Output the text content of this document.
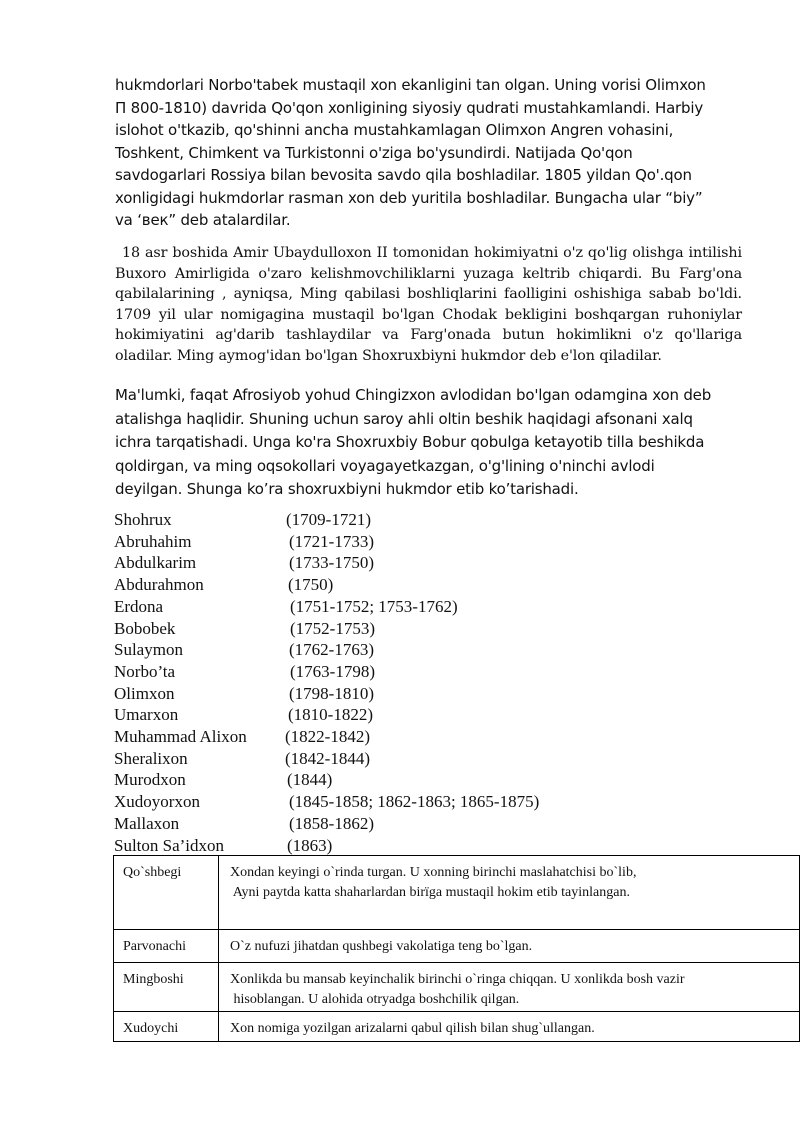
hukmdorlari Norbo'tabek mustaqil xon ekanligini tan olgan. Uning vorisi Olimxon

П 800-1810) davrida Qo'qon xonligining siyosiy qudrati mustahkamlandi. Harbiy

islohot o'tkazib, qo'shinni ancha mustahkamlagan Olimxon Angren vohasini,

Toshkent, Chimkent va Turkistonni o'ziga bo'ysundirdi. Natijada Qo'qon

savdogarlari Rossiya bilan bevosita savdo qila boshladilar. 1805 yildan Qo'.qon

xonligidagi hukmdorlar rasman xon deb yuritila boshladilar. Bungacha ular “biy”

va ‘век” deb atalardilar.

18 asr boshida Amir Ubaydulloxon II tomonidan hokimiyatni o'z qo'lig olishga intilishi Buxoro Amirligida o'zaro kelishmovchiliklarni yuzaga keltrib chiqardi. Bu Farg'ona qabilalarining , ayniqsa, Ming qabilasi boshliqlarini faolligini oshishiga sabab bo'ldi. 1709 yil ular nomigagina mustaqil bo'lgan Chodak bekligini boshqargan ruhoniylar hokimiyatini ag'darib tashlaydilar va Farg'onada butun hokimlikni o'z qo'llariga oladilar. Ming aymog'idan bo'lgan Shoxruxbiyni hukmdor deb e'lon qiladilar.

Ma'lumki, faqat Afrosiyob yohud Chingizxon avlodidan bo'lgan odamgina xon deb

atalishga haqlidir. Shuning uchun saroy ahli oltin beshik haqidagi afsonani xalq

ichra tarqatishadi. Unga ko'ra Shoxruxbiy Bobur qobulga ketayotib tilla beshikda

qoldirgan, va ming oqsokollari voyagayetkazgan, o'g'lining o'ninchi avlodi

deyilgan. Shunga ko’ra shoxruxbiyni hukmdor etib ko’tarishadi.

Shohrux	(1709-1721)
Abruhahim	(1721-1733)
Abdulkarim	(1733-1750)
Abdurahmon	(1750)
Erdona	(1751-1752; 1753-1762)
Bobobek	(1752-1753)
Sulaymon	(1762-1763)
Norbo’ta	(1763-1798)
Olimxon	(1798-1810)
Umarxon	(1810-1822)
Muhammad Alixon	(1822-1842)
Sheralixon	(1842-1844)
Murodxon	(1844)
Xudoyorxon	(1845-1858; 1862-1863; 1865-1875)
Mallaxon	(1858-1862)
Sulton Sa’idxon	(1863)
Qo`shbegi	Xondan keyingi o`rinda turgan. U xonning birinchi maslahatchisi bo`lib,
Ayni paytda katta shaharlardan birïga mustaqil hokim etib tayinlangan.

Parvonachi	O`z nufuzi jihatdan qushbegi vakolatiga teng bo`lgan.

Mingboshi	Xonlikda bu mansab keyinchalik birinchi o`ringa chiqqan. U xonlikda bosh vazir
hisoblangan. U alohida otryadga boshchilik qilgan.

Xudoychi	Xon nomiga yozilgan arizalarni qabul qilish bilan shug`ullangan.
